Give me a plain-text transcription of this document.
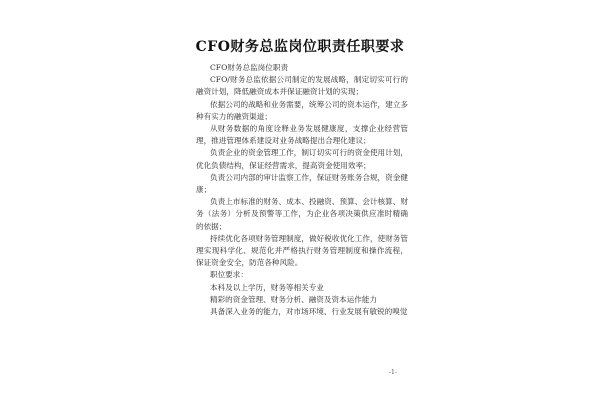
CFO财务总监岗位职责任职要求

CFO财务总监岗位职责

CFO/财务总监依据公司制定的发展战略，制定切实可行的融资计划，降低融资成本并保证融资计划的实现；

依据公司的战略和业务需要，统筹公司的资本运作，建立多种有实力的融资渠道；

从财务数据的角度诠释业务发展健康度，支撑企业经营管理，推进管理体系建设对业务战略提出合理化建议；

负责企业的资金管理工作，制订切实可行的资金使用计划，优化负债结构，保证经营需求，提高资金使用效率；

负责公司内部的审计监察工作，保证财务账务合规，资金健康；

负责上市标准的财务、成本、投融资、预算、会计核算、财务（法务）分析及预警等工作，为企业各项决策供应准时精确的依据；

持续优化各项财务管理制度，做好税收优化工作，使财务管理实现科学化、规范化并严格执行财务管理制度和操作流程，保证资金安全，防范各种风险。

职位要求：

本科及以上学历，财务等相关专业

精彩的资金管理、财务分析、融资及资本运作能力

具备深入业务的能力，对市场环境、行业发展有敏锐的嗅觉

-1-
